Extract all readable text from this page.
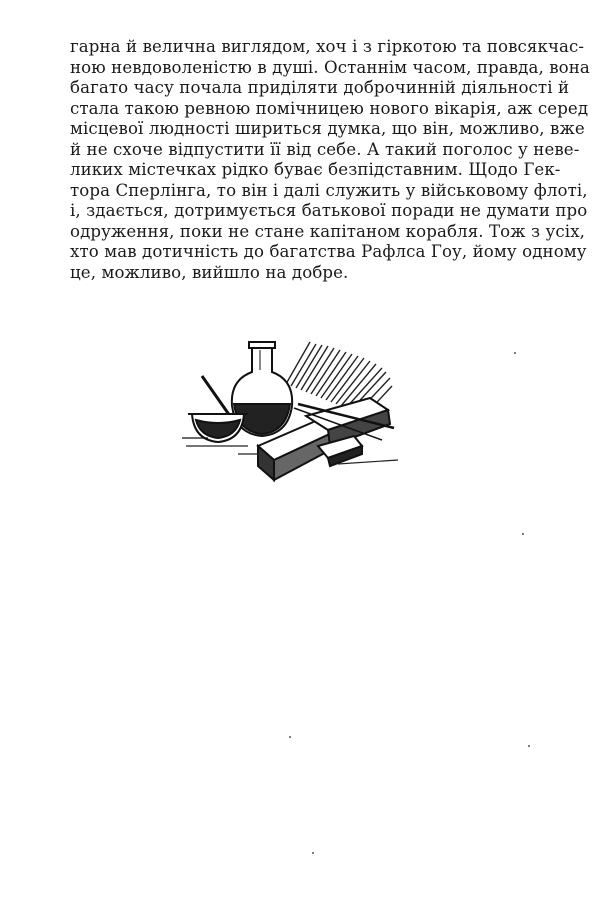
гарна й велична виглядом, хоч і з гіркотою та повсякчас-
ною невдоволеністю в душі. Останнім часом, правда, вона
багато часу почала приділяти доброчинній діяльності й
стала такою ревною помічницею нового вікарія, аж серед
місцевої людності шириться думка, що він, можливо, вже
й не схоче відпустити її від себе. А такий поголос у неве-
ликих містечках рідко буває безпідставним. Щодо Гек-
тора Сперлінга, то він і далі служить у військовому флоті,
і, здається, дотримується батькової поради не думати про
одруження, поки не стане капітаном корабля. Тож з усіх,
хто мав дотичність до багатства Рафлса Гоу, йому одному
це, можливо, вийшло на добре.
